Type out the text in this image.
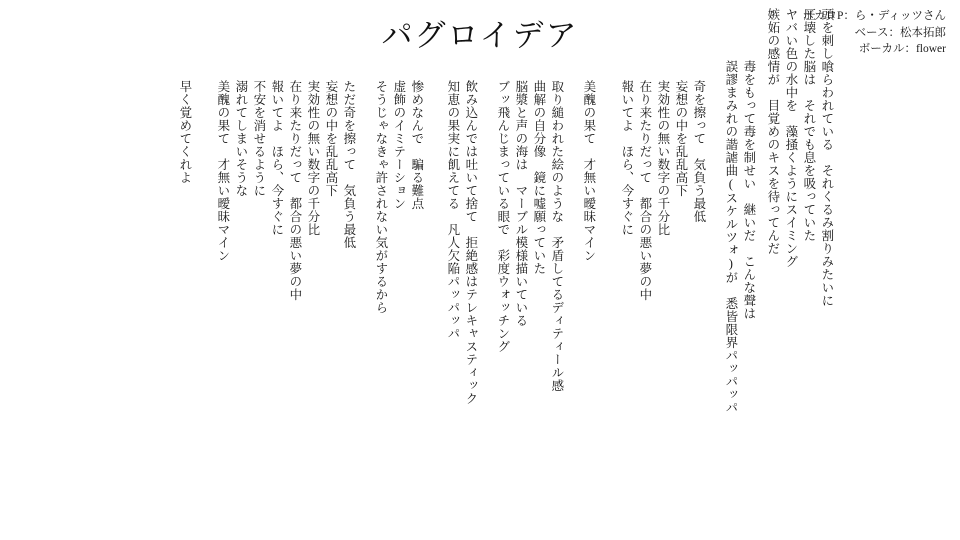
パグロイデア
ボカロP：ら・ディッツさん
ベース：松本拓郎
ボーカル：flower
頭を刺し喰らわれている　それくるみ割りみたいに
圧壊した脳は　それでも息を吸っていた
ヤバい色の水中を　藻掻くようにスイミング
嫉妬の感情が　目覚めのキスを待ってんだ
毒をもって毒を制せい　継いだ　こんな聲は
誤謬まみれの諧謔曲(スケルツォ)が　悉皆限界パッパッパ
奇を擦って　気負う最低
妄想の中を乱乱高下
実効性の無い数字の千分比
在り来たりだって　都合の悪い夢の中
報いてよ　ほら、今すぐに
美醜の果て　才無い曖昧マイン
取り縋われた絵のような　矛盾してるディティール感
曲解の自分像　鏡に嘘願っていた
脳漿と声の海は　マーブル模様描いている
ブッ飛んじまっている眼で　彩度ウォッチング
飲み込んでは吐いて捨て　拒絶感はテレキャスティック
知恵の果実に飢えてる　凡人欠陥パッパッパ
惨めなんで　騙る難点
虚飾のイミテーション
そうじゃなきゃ許されない気がするから
ただ奇を擦って　気負う最低
妄想の中を乱乱高下
実効性の無い数字の千分比
在り来たりだって　都合の悪い夢の中
報いてよ　ほら、今すぐに
不安を消せるように
溺れてしまいそうな
美醜の果て　才無い曖昧マイン
早く覚めてくれよ
